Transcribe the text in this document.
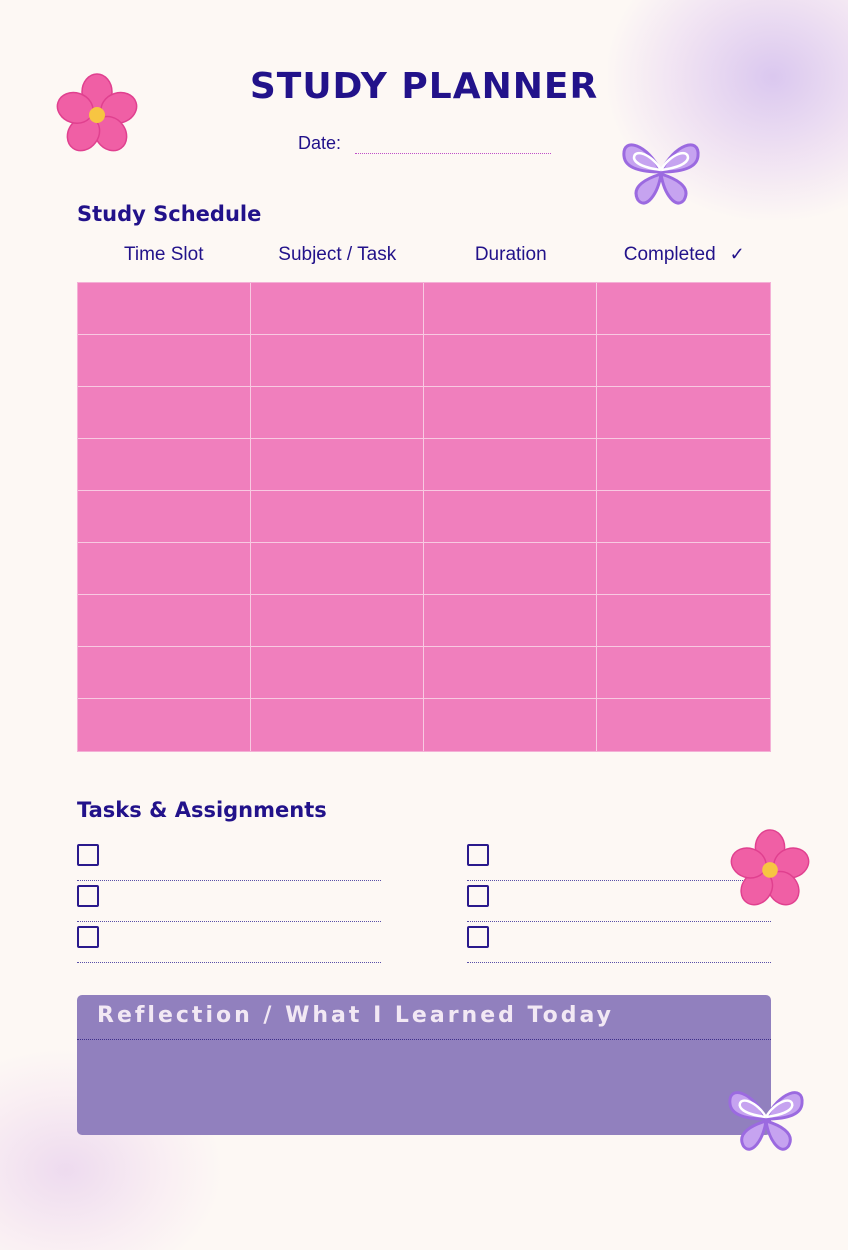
STUDY PLANNER
Date:
Study Schedule
Time Slot	Subject / Task	Duration	Completed ✓
Tasks & Assignments
Reflection / What I Learned Today
